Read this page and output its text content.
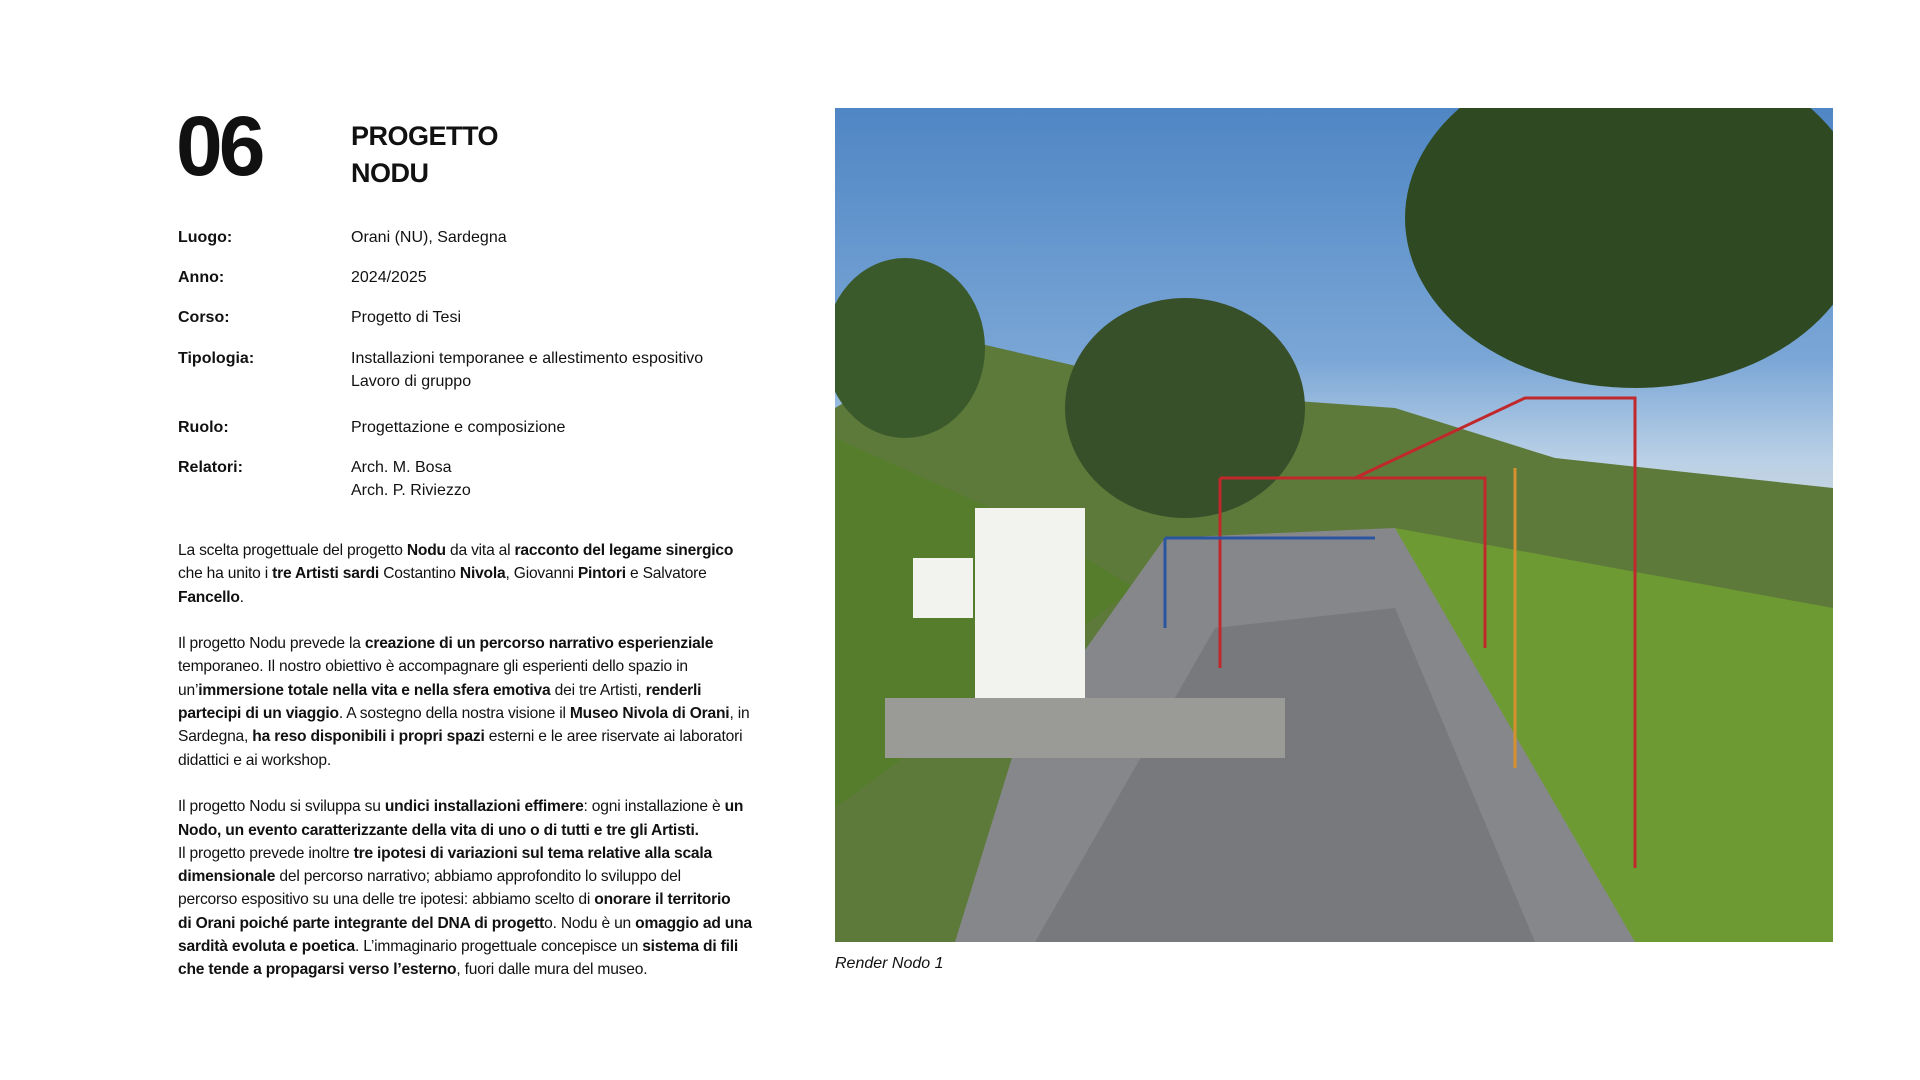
06	PROGETTO
NODU
Luogo:	Orani (NU), Sardegna
Anno:	2024/2025
Corso:	Progetto di Tesi
Tipologia:	Installazioni temporanee e allestimento espositivo
Lavoro di gruppo
Ruolo:	Progettazione e composizione
Relatori:	Arch. M. Bosa
Arch. P. Riviezzo
La scelta progettuale del progetto Nodu da vita al racconto del legame sinergico
che ha unito i tre Artisti sardi Costantino Nivola, Giovanni Pintori e Salvatore
Fancello.
Il progetto Nodu prevede la creazione di un percorso narrativo esperienziale
temporaneo. Il nostro obiettivo è accompagnare gli esperienti dello spazio in
un’immersione totale nella vita e nella sfera emotiva dei tre Artisti, renderli
partecipi di un viaggio. A sostegno della nostra visione il Museo Nivola di Orani, in
Sardegna, ha reso disponibili i propri spazi esterni e le aree riservate ai laboratori
didattici e ai workshop.
Il progetto Nodu si sviluppa su undici installazioni effimere: ogni installazione è un
Nodo, un evento caratterizzante della vita di uno o di tutti e tre gli Artisti.
Il progetto prevede inoltre tre ipotesi di variazioni sul tema relative alla scala
dimensionale del percorso narrativo; abbiamo approfondito lo sviluppo del
percorso espositivo su una delle tre ipotesi: abbiamo scelto di onorare il territorio
di Orani poiché parte integrante del DNA di progetto. Nodu è un omaggio ad una
sardità evoluta e poetica. L’immaginario progettuale concepisce un sistema di fili
che tende a propagarsi verso l’esterno, fuori dalle mura del museo.	Render Nodo 1
